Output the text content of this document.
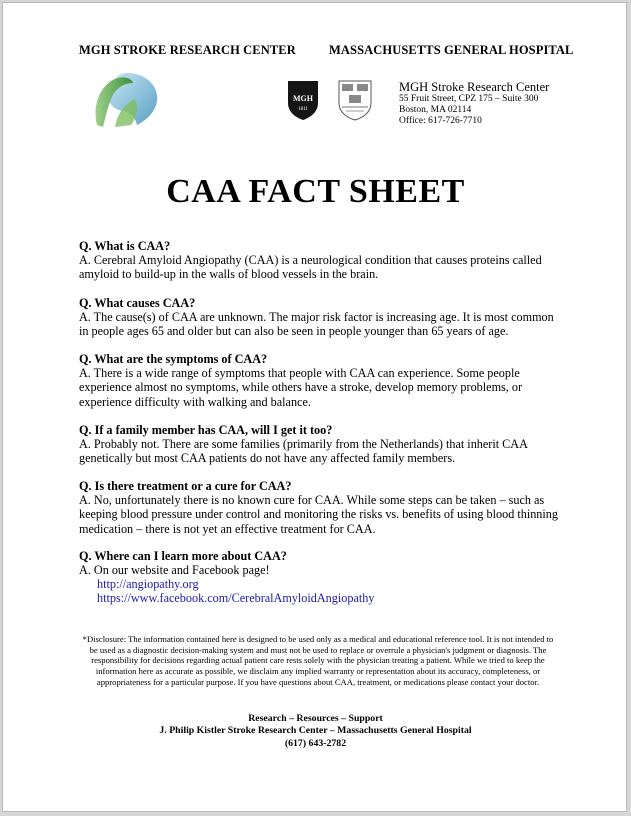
MGH STROKE RESEARCH CENTER	MASSACHUSETTS GENERAL HOSPITAL
MGH
1811
MGH Stroke Research Center
55 Fruit Street, CPZ 175 – Suite 300
Boston, MA 02114
Office: 617-726-7710
CAA FACT SHEET
Q. What is CAA?
A. Cerebral Amyloid Angiopathy (CAA) is a neurological condition that causes proteins called amyloid to build-up in the walls of blood vessels in the brain.
Q. What causes CAA?
A. The cause(s) of CAA are unknown. The major risk factor is increasing age. It is most common in people ages 65 and older but can also be seen in people younger than 65 years of age.
Q. What are the symptoms of CAA?
A. There is a wide range of symptoms that people with CAA can experience. Some people experience almost no symptoms, while others have a stroke, develop memory problems, or experience difficulty with walking and balance.
Q. If a family member has CAA, will I get it too?
A. Probably not. There are some families (primarily from the Netherlands) that inherit CAA genetically but most CAA patients do not have any affected family members.
Q. Is there treatment or a cure for CAA?
A. No, unfortunately there is no known cure for CAA. While some steps can be taken – such as keeping blood pressure under control and monitoring the risks vs. benefits of using blood thinning medication – there is not yet an effective treatment for CAA.
Q. Where can I learn more about CAA?
A. On our website and Facebook page!
http://angiopathy.org
https://www.facebook.com/CerebralAmyloidAngiopathy
*Disclosure: The information contained here is designed to be used only as a medical and educational reference tool. It is not intended to be used as a diagnostic decision-making system and must not be used to replace or overrule a physician's judgment or diagnosis. The responsibility for decisions regarding actual patient care rests solely with the physician treating a patient. While we tried to keep the information here as accurate as possible, we disclaim any implied warranty or representation about its accuracy, completeness, or appropriateness for a particular purpose. If you have questions about CAA, treatment, or medications please contact your doctor.
Research – Resources – Support
J. Philip Kistler Stroke Research Center – Massachusetts General Hospital
(617) 643-2782
